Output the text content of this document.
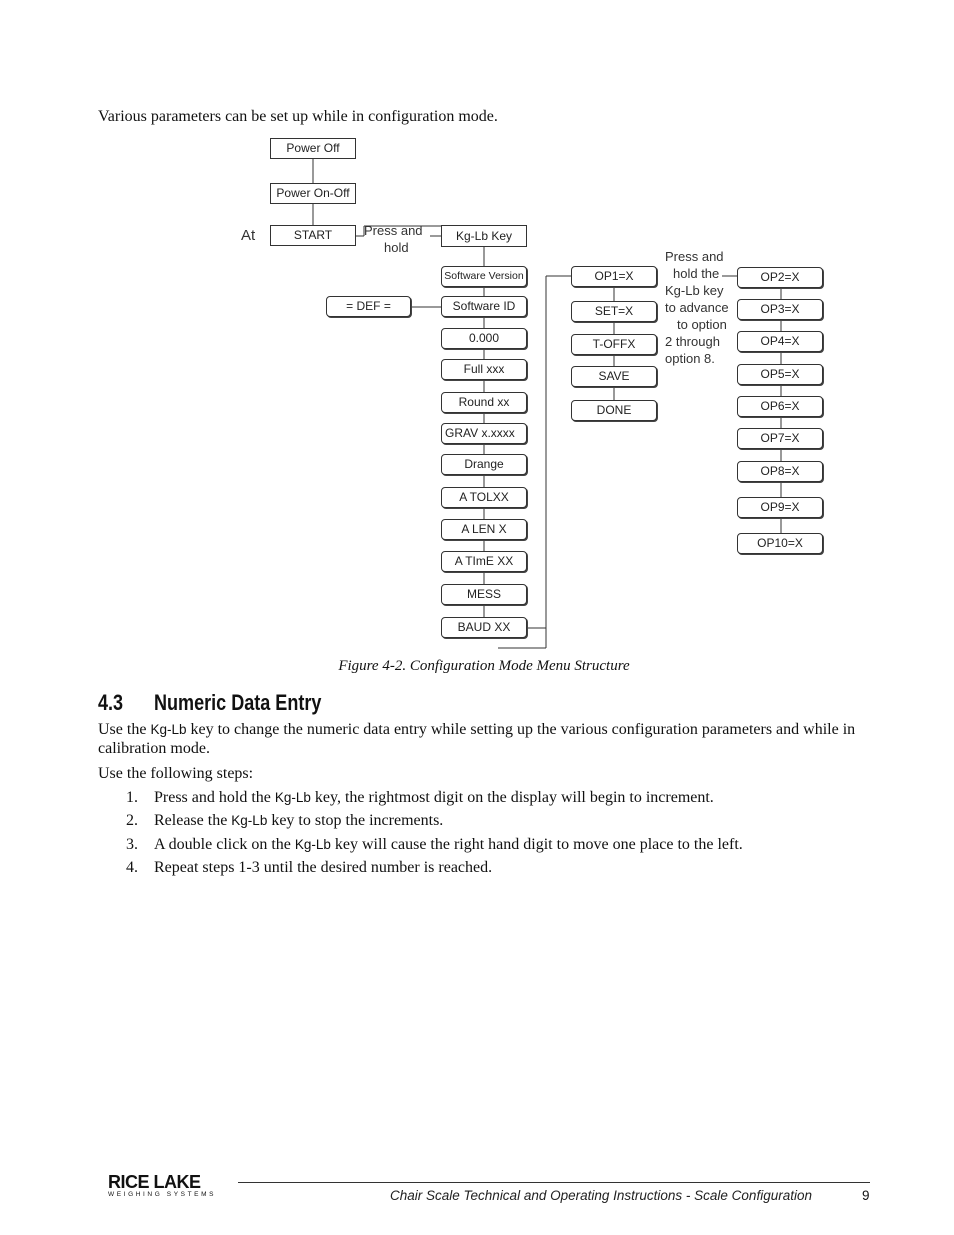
Various parameters can be set up while in configuration mode.
Power Off
Power On-Off
At	START	Press and
hold
Kg-Lb Key
= DEF =
Software Version
Software ID
0.000
Full xxx
Round xx
GRAV x.xxxx
Drange
A TOLXX
A LEN X
A TImE XX
MESS
BAUD XX
OP1=X
SET=X
T-OFFX
SAVE
DONE
Press and
hold the
Kg-Lb key
to advance
to option
2 through
option 8.
OP2=X
OP3=X
OP4=X
OP5=X
OP6=X
OP7=X
OP8=X
OP9=X
OP10=X
Figure 4-2. Configuration Mode Menu Structure
4.3 Numeric Data Entry
Use the Kg-Lb key to change the numeric data entry while setting up the various configuration parameters and while in calibration mode.
Use the following steps:
1. Press and hold the Kg-Lb key, the rightmost digit on the display will begin to increment.
2. Release the Kg-Lb key to stop the increments.
3. A double click on the Kg-Lb key will cause the right hand digit to move one place to the left.
4. Repeat steps 1-3 until the desired number is reached.
RICE LAKE
WEIGHING SYSTEMS	Chair Scale Technical and Operating Instructions - Scale Configuration	9
